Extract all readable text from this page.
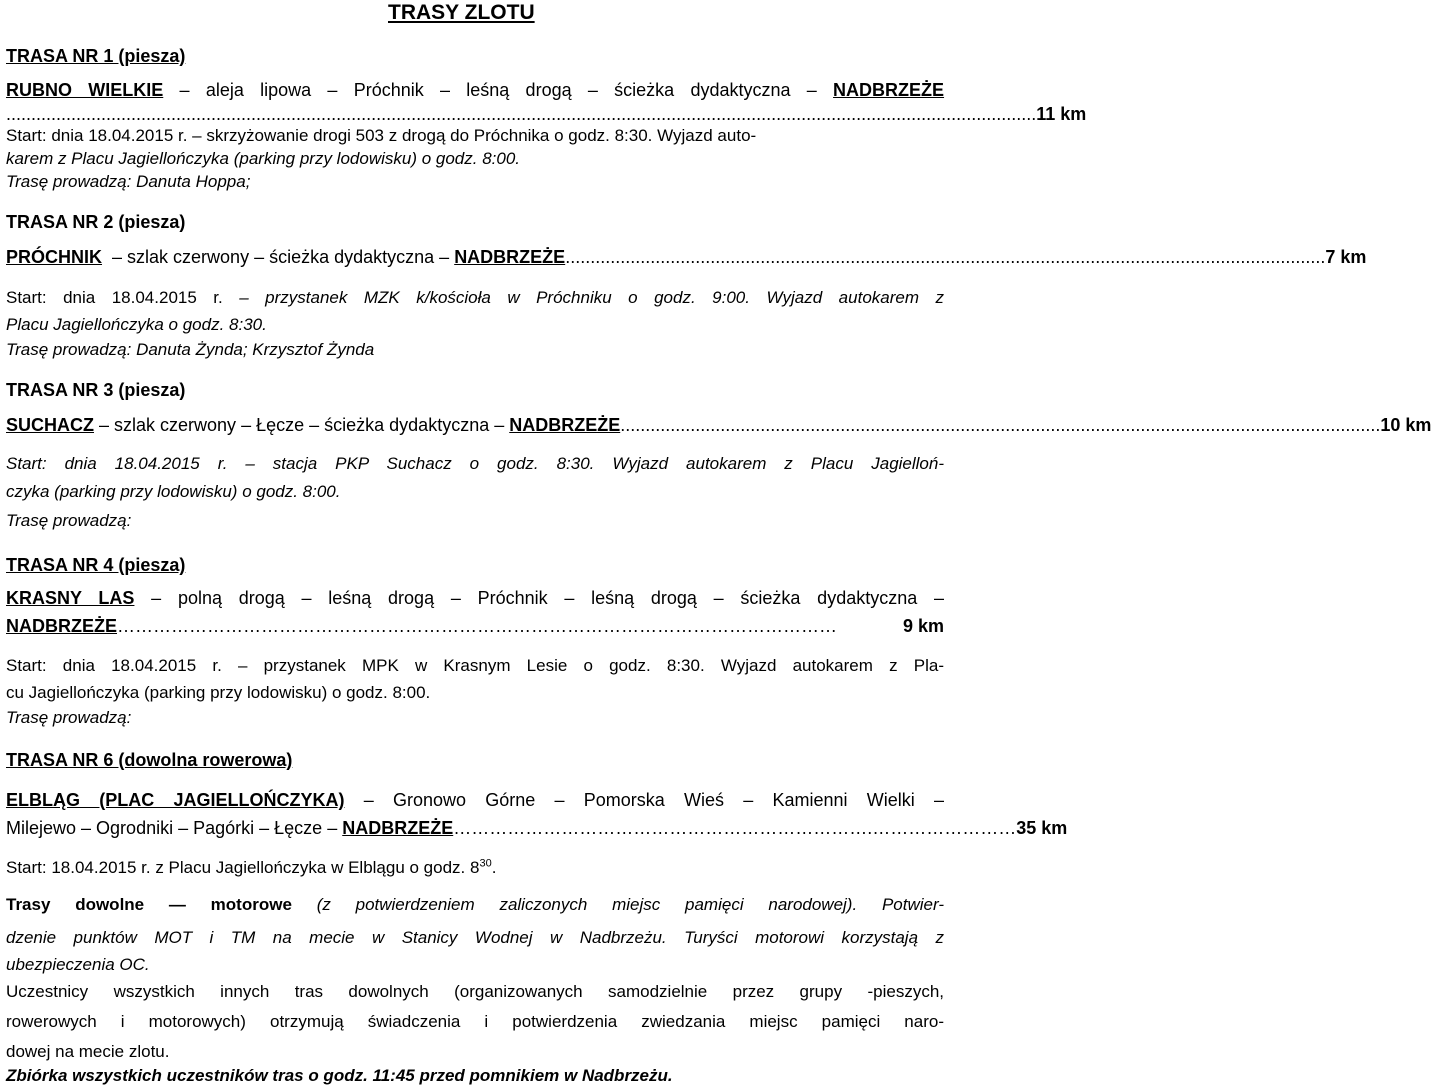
TRASY ZLOTU
TRASA NR 1 (piesza)
RUBNO WIELKIE – aleja lipowa – Próchnik – leśną drogą – ścieżka dydaktyczna – NADBRZEŻE
.............................................................................................................................................................................................................. 11 km
Start: dnia 18.04.2015 r. – skrzyżowanie drogi 503 z drogą do Próchnika o godz. 8:30. Wyjazd auto-
karem z Placu Jagiellończyka (parking przy lodowisku) o godz. 8:00.
Trasę prowadzą: Danuta Hoppa;
TRASA NR 2 (piesza)
PRÓCHNIK – szlak czerwony – ścieżka dydaktyczna – NADBRZEŻE ........................................................................................................................................................ 7 km
Start: dnia 18.04.2015 r. – przystanek MZK k/kościoła w Próchniku o godz. 9:00. Wyjazd autokarem z
Placu Jagiellończyka o godz. 8:30.
Trasę prowadzą: Danuta Żynda; Krzysztof Żynda
TRASA NR 3 (piesza)
SUCHACZ – szlak czerwony – Łęcze – ścieżka dydaktyczna – NADBRZEŻE ........................................................................................................................................................ 10 km
Start: dnia 18.04.2015 r. – stacja PKP Suchacz o godz. 8:30. Wyjazd autokarem z Placu Jagielloń-
czyka (parking przy lodowisku) o godz. 8:00.
Trasę prowadzą:
TRASA NR 4 (piesza)
KRASNY LAS – polną drogą – leśną drogą – Próchnik – leśną drogą – ścieżka dydaktyczna –
NADBRZEŻE …………………………………………………………………………………………………………	9 km
Start: dnia 18.04.2015 r. – przystanek MPK w Krasnym Lesie o godz. 8:30. Wyjazd autokarem z Pla-
cu Jagiellończyka (parking przy lodowisku) o godz. 8:00.
Trasę prowadzą:
TRASA NR 6 (dowolna rowerowa)
ELBLĄG (PLAC JAGIELLOŃCZYKA) – Gronowo Górne – Pomorska Wieś – Kamienni Wielki –
Milejewo – Ogrodniki – Pagórki – Łęcze – NADBRZEŻE …………………………………………………………….…………………… 35 km
Start: 18.04.2015 r. z Placu Jagiellończyka w Elblągu o godz. $8^{30}$.
Trasy dowolne — motorowe (z potwierdzeniem zaliczonych miejsc pamięci narodowej). Potwier-
dzenie punktów MOT i TM na mecie w Stanicy Wodnej w Nadbrzeżu. Turyści motorowi korzystają z
ubezpieczenia OC.
Uczestnicy wszystkich innych tras dowolnych (organizowanych samodzielnie przez grupy -pieszych,
rowerowych i motorowych) otrzymują świadczenia i potwierdzenia zwiedzania miejsc pamięci naro-
dowej na mecie zlotu.
Zbiórka wszystkich uczestników tras o godz. 11:45 przed pomnikiem w Nadbrzeżu.
